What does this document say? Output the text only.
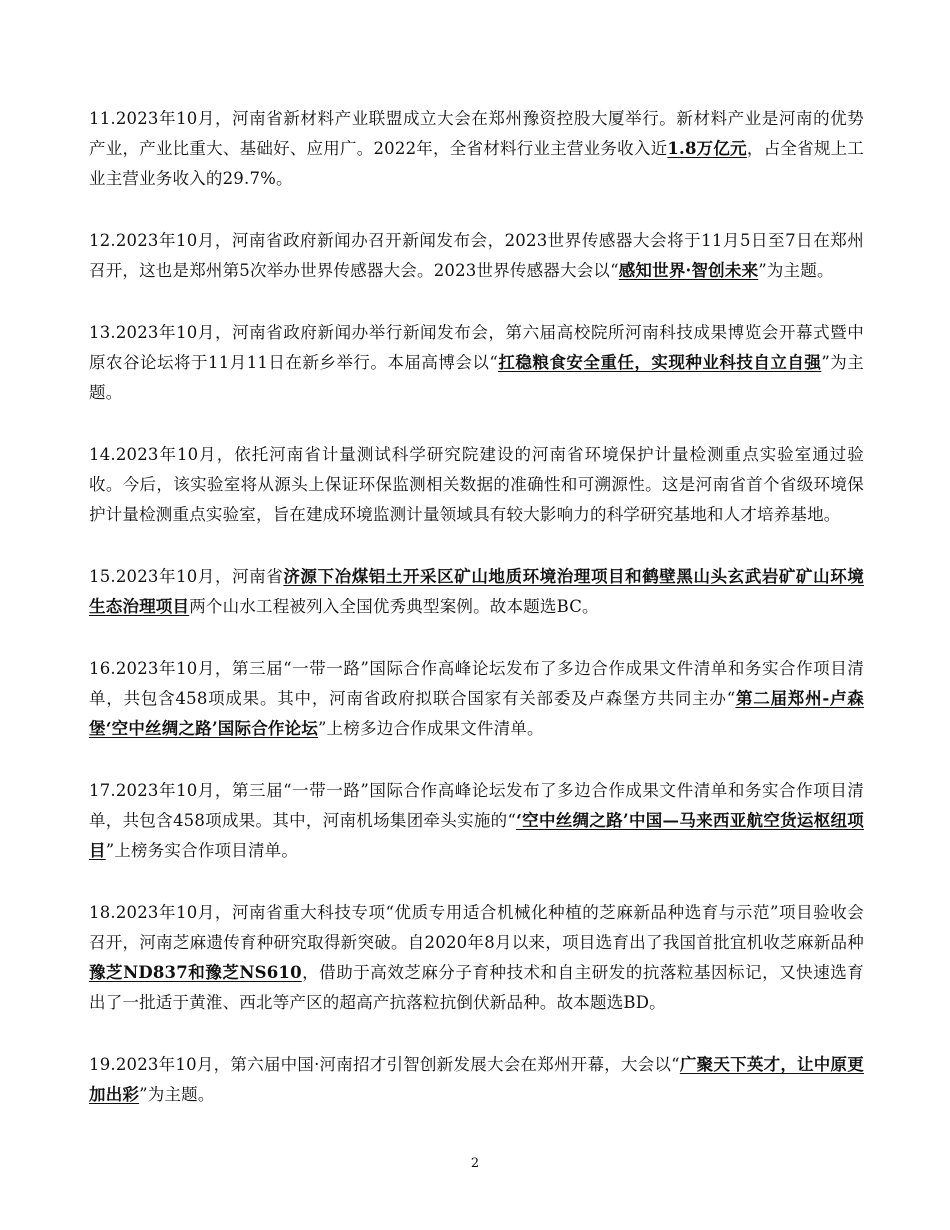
11.2023年10月，河南省新材料产业联盟成立大会在郑州豫资控股大厦举行。新材料产业是河南的优势产业，产业比重大、基础好、应用广。2022年，全省材料行业主营业务收入近1.8万亿元，占全省规上工业主营业务收入的29.7%。

12.2023年10月，河南省政府新闻办召开新闻发布会，2023世界传感器大会将于11月5日至7日在郑州召开，这也是郑州第5次举办世界传感器大会。2023世界传感器大会以“感知世界·智创未来”为主题。

13.2023年10月，河南省政府新闻办举行新闻发布会，第六届高校院所河南科技成果博览会开幕式暨中原农谷论坛将于11月11日在新乡举行。本届高博会以“扛稳粮食安全重任，实现种业科技自立自强”为主题。

14.2023年10月，依托河南省计量测试科学研究院建设的河南省环境保护计量检测重点实验室通过验收。今后，该实验室将从源头上保证环保监测相关数据的准确性和可溯源性。这是河南省首个省级环境保护计量检测重点实验室，旨在建成环境监测计量领域具有较大影响力的科学研究基地和人才培养基地。

15.2023年10月，河南省济源下冶煤铝土开采区矿山地质环境治理项目和鹤壁黑山头玄武岩矿矿山环境生态治理项目两个山水工程被列入全国优秀典型案例。故本题选BC。

16.2023年10月，第三届“一带一路”国际合作高峰论坛发布了多边合作成果文件清单和务实合作项目清单，共包含458项成果。其中，河南省政府拟联合国家有关部委及卢森堡方共同主办“第二届郑州-卢森堡‘空中丝绸之路’国际合作论坛”上榜多边合作成果文件清单。

17.2023年10月，第三届“一带一路”国际合作高峰论坛发布了多边合作成果文件清单和务实合作项目清单，共包含458项成果。其中，河南机场集团牵头实施的“‘空中丝绸之路’中国—马来西亚航空货运枢纽项目”上榜务实合作项目清单。

18.2023年10月，河南省重大科技专项“优质专用适合机械化种植的芝麻新品种选育与示范”项目验收会召开，河南芝麻遗传育种研究取得新突破。自2020年8月以来，项目选育出了我国首批宜机收芝麻新品种豫芝ND837和豫芝NS610，借助于高效芝麻分子育种技术和自主研发的抗落粒基因标记，又快速选育出了一批适于黄淮、西北等产区的超高产抗落粒抗倒伏新品种。故本题选BD。

19.2023年10月，第六届中国·河南招才引智创新发展大会在郑州开幕，大会以“广聚天下英才，让中原更加出彩”为主题。

2
